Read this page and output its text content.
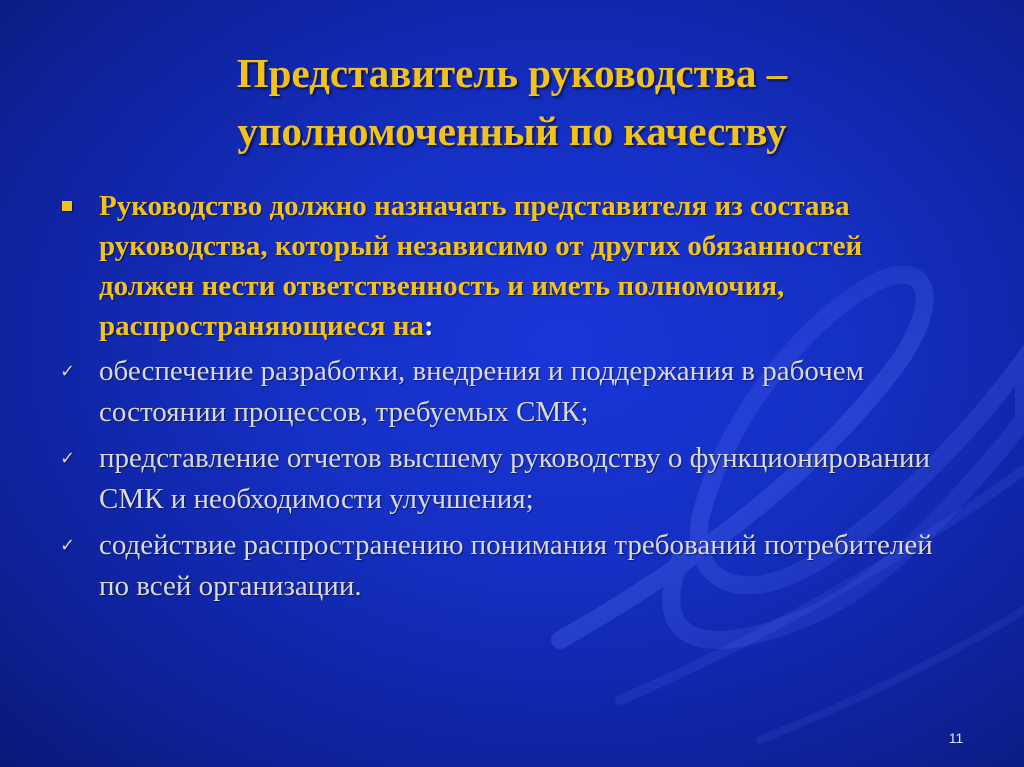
Представитель руководства –
уполномоченный по качеству
Руководство должно назначать представителя из состава руководства, который независимо от других обязанностей должен нести ответственность и иметь полномочия, распространяющиеся на:
✓ обеспечение разработки, внедрения и поддержания в рабочем состоянии процессов, требуемых СМК;
✓ представление отчетов высшему руководству о функционировании СМК и необходимости улучшения;
✓ содействие распространению понимания требований потребителей по всей организации.
11
